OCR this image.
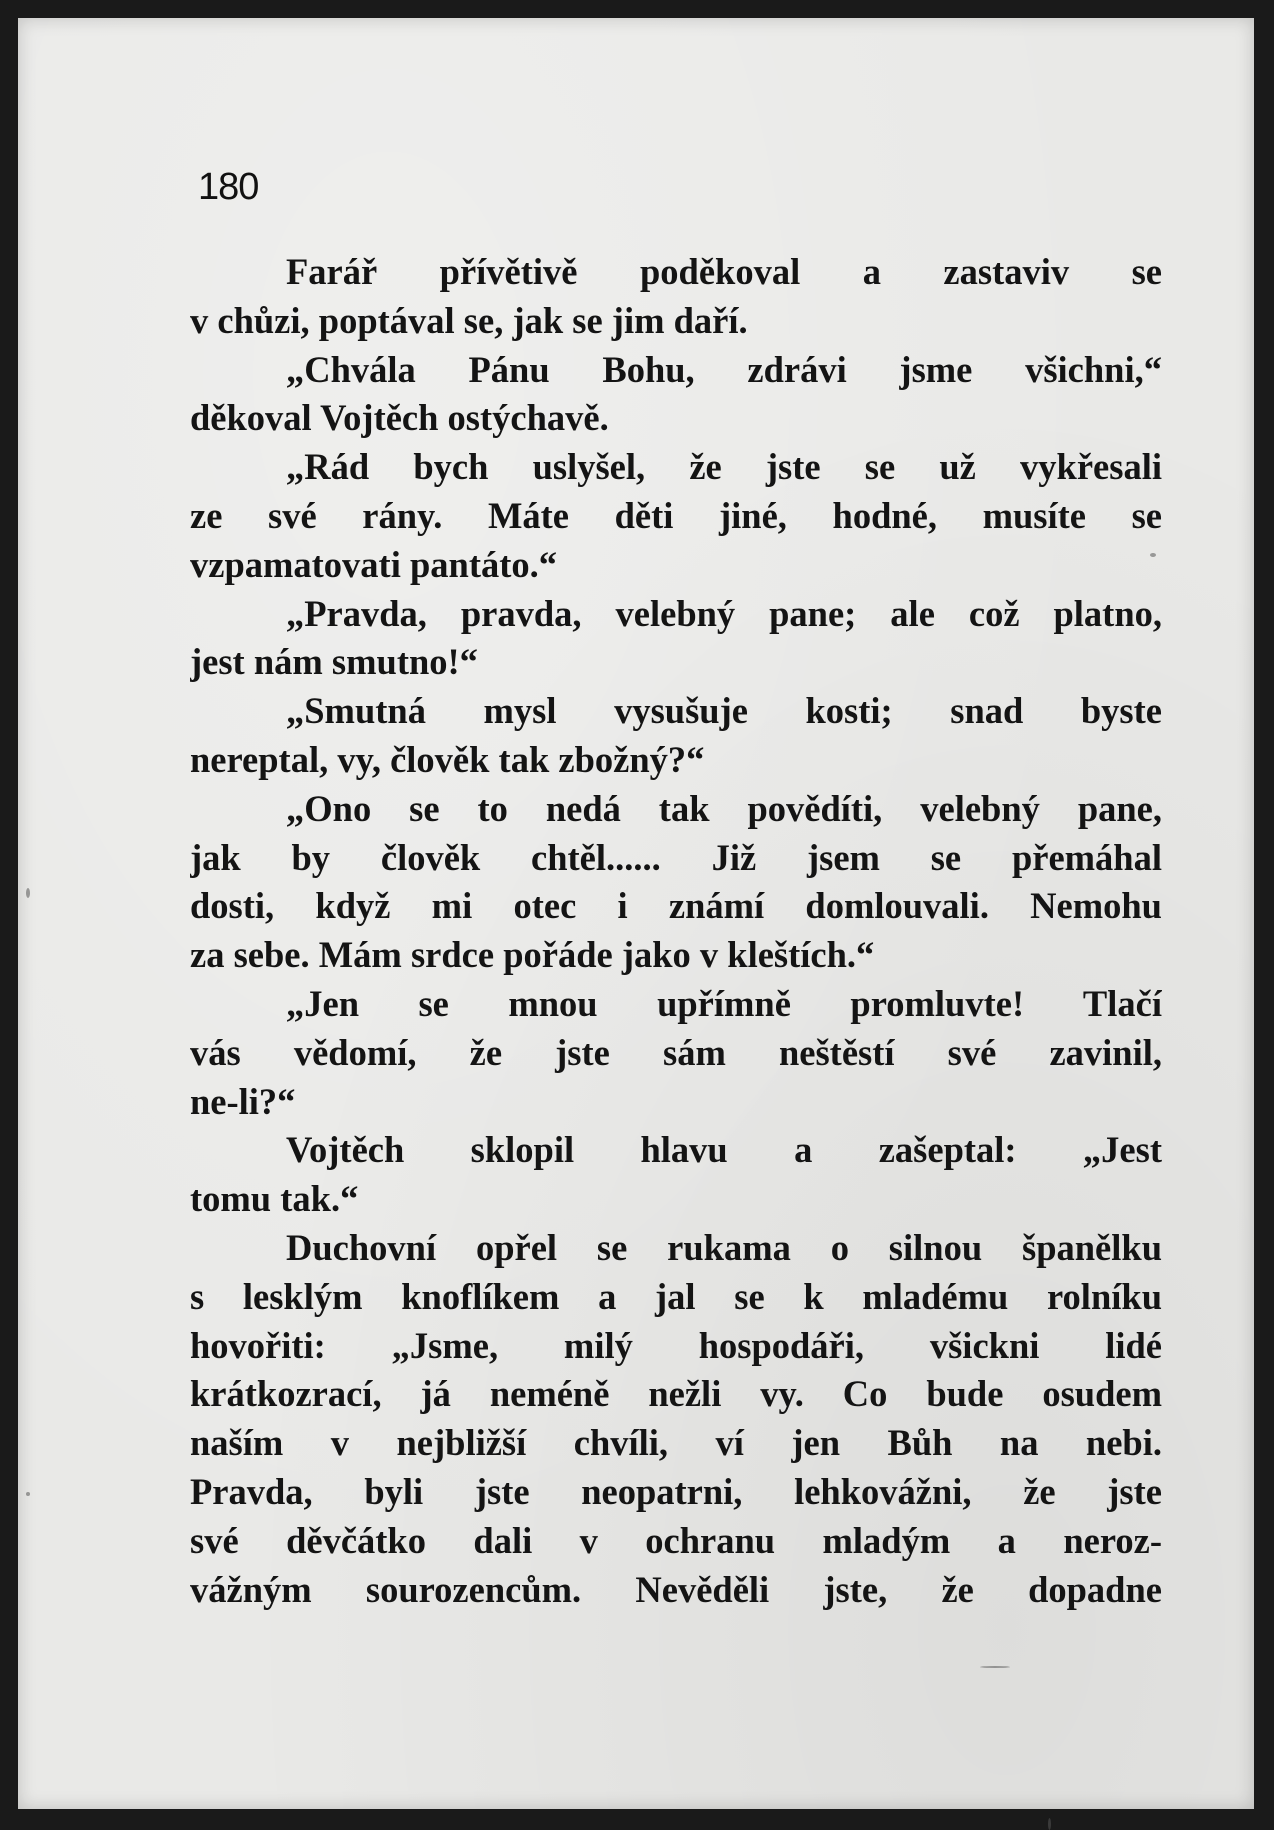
180
Farář přívětivě poděkoval a zastaviv se
v chůzi, poptával se, jak se jim daří.
„Chvála Pánu Bohu, zdrávi jsme všichni,“
děkoval Vojtěch ostýchavě.
„Rád bych uslyšel, že jste se už vykřesali
ze své rány. Máte děti jiné, hodné, musíte se
vzpamatovati pantáto.“
„Pravda, pravda, velebný pane; ale což platno,
jest nám smutno!“
„Smutná mysl vysušuje kosti; snad byste
nereptal, vy, člověk tak zbožný?“
„Ono se to nedá tak povědíti, velebný pane,
jak by člověk chtěl...... Již jsem se přemáhal
dosti, když mi otec i známí domlouvali. Nemohu
za sebe. Mám srdce pořáde jako v kleštích.“
„Jen se mnou upřímně promluvte! Tlačí
vás vědomí, že jste sám neštěstí své zavinil,
ne-li?“
Vojtěch sklopil hlavu a zašeptal: „Jest
tomu tak.“
Duchovní opřel se rukama o silnou španělku
s lesklým knoflíkem a jal se k mladému rolníku
hovořiti: „Jsme, milý hospodáři, všickni lidé
krátkozrací, já neméně nežli vy. Co bude osudem
naším v nejbližší chvíli, ví jen Bůh na nebi.
Pravda, byli jste neopatrni, lehkovážni, že jste
své děvčátko dali v ochranu mladým a neroz-
vážným sourozencům. Nevěděli jste, že dopadne
